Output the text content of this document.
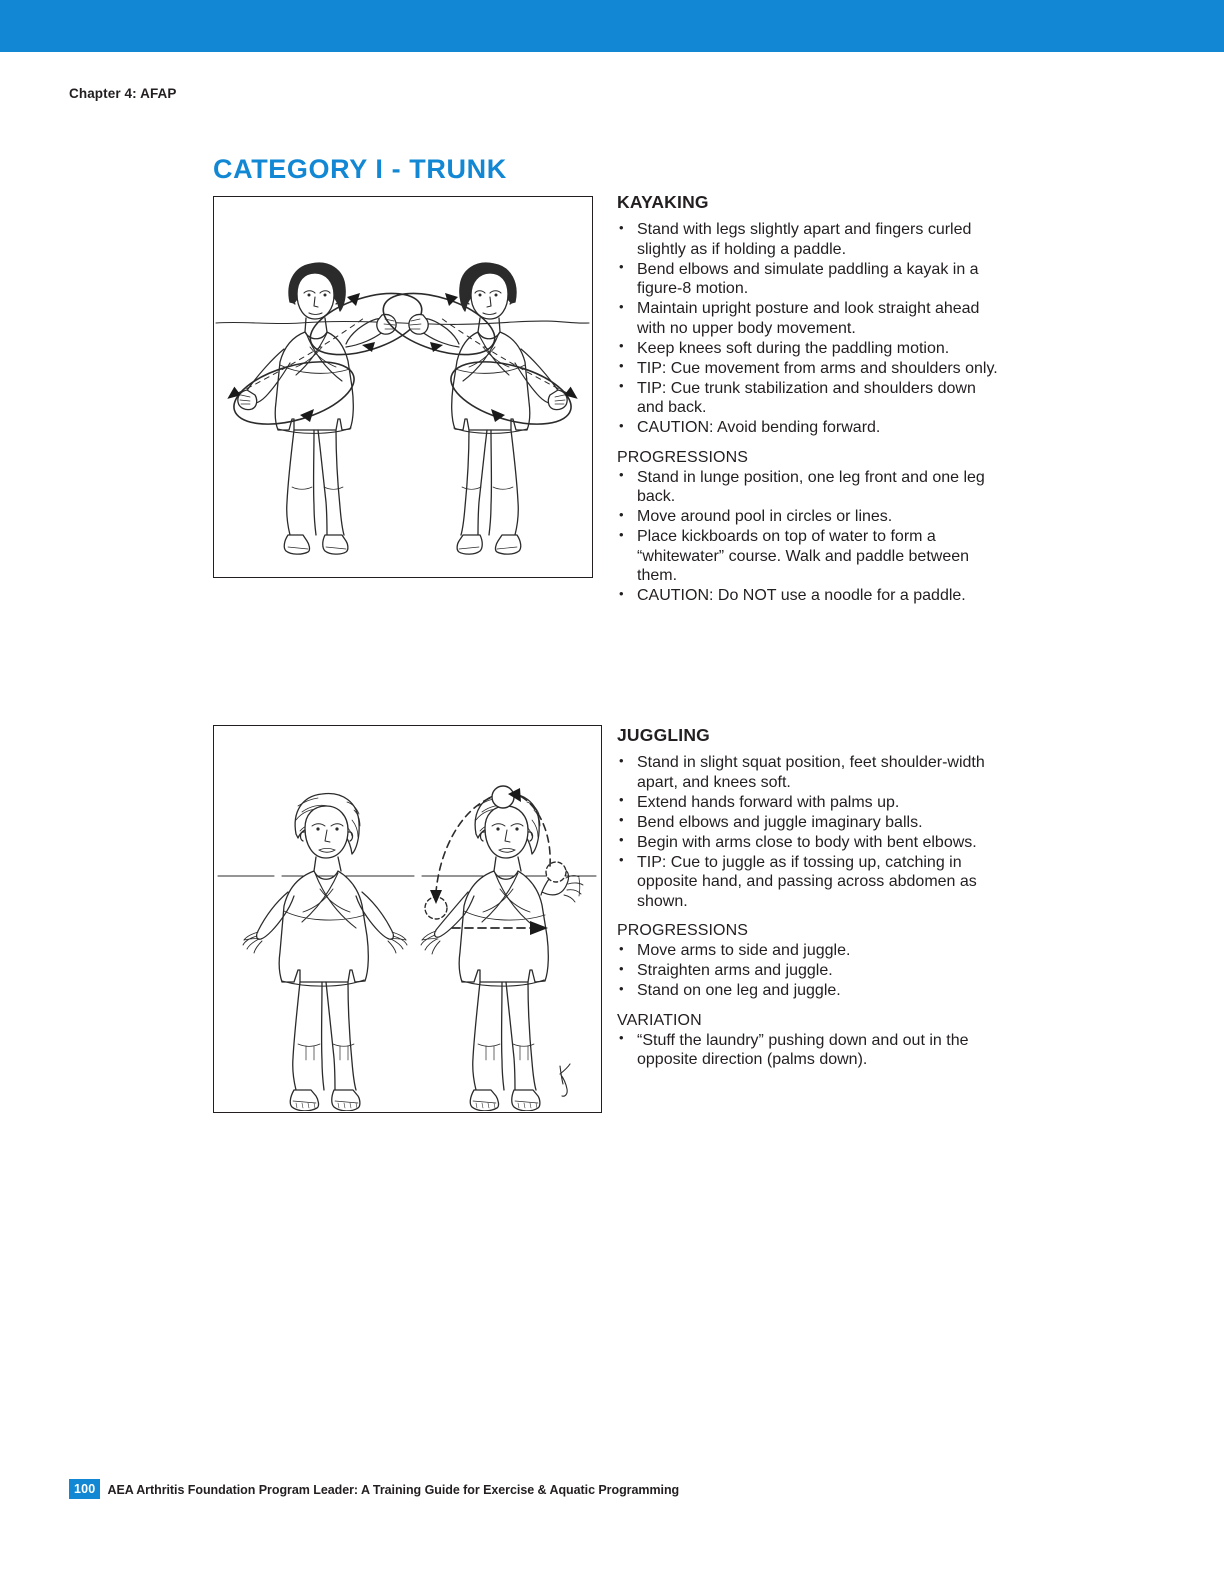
Chapter 4: AFAP
CATEGORY I - TRUNK
KAYAKING
• Stand with legs slightly apart and fingers curled slightly as if holding a paddle.
• Bend elbows and simulate paddling a kayak in a figure-8 motion.
• Maintain upright posture and look straight ahead with no upper body movement.
• Keep knees soft during the paddling motion.
• TIP: Cue movement from arms and shoulders only.
• TIP: Cue trunk stabilization and shoulders down and back.
• CAUTION: Avoid bending forward.
PROGRESSIONS
• Stand in lunge position, one leg front and one leg back.
• Move around pool in circles or lines.
• Place kickboards on top of water to form a “whitewater” course. Walk and paddle between them.
• CAUTION: Do NOT use a noodle for a paddle.
JUGGLING
• Stand in slight squat position, feet shoulder-width apart, and knees soft.
• Extend hands forward with palms up.
• Bend elbows and juggle imaginary balls.
• Begin with arms close to body with bent elbows.
• TIP: Cue to juggle as if tossing up, catching in opposite hand, and passing across abdomen as shown.
PROGRESSIONS
• Move arms to side and juggle.
• Straighten arms and juggle.
• Stand on one leg and juggle.
VARIATION
• “Stuff the laundry” pushing down and out in the opposite direction (palms down).
100 AEA Arthritis Foundation Program Leader: A Training Guide for Exercise & Aquatic Programming
